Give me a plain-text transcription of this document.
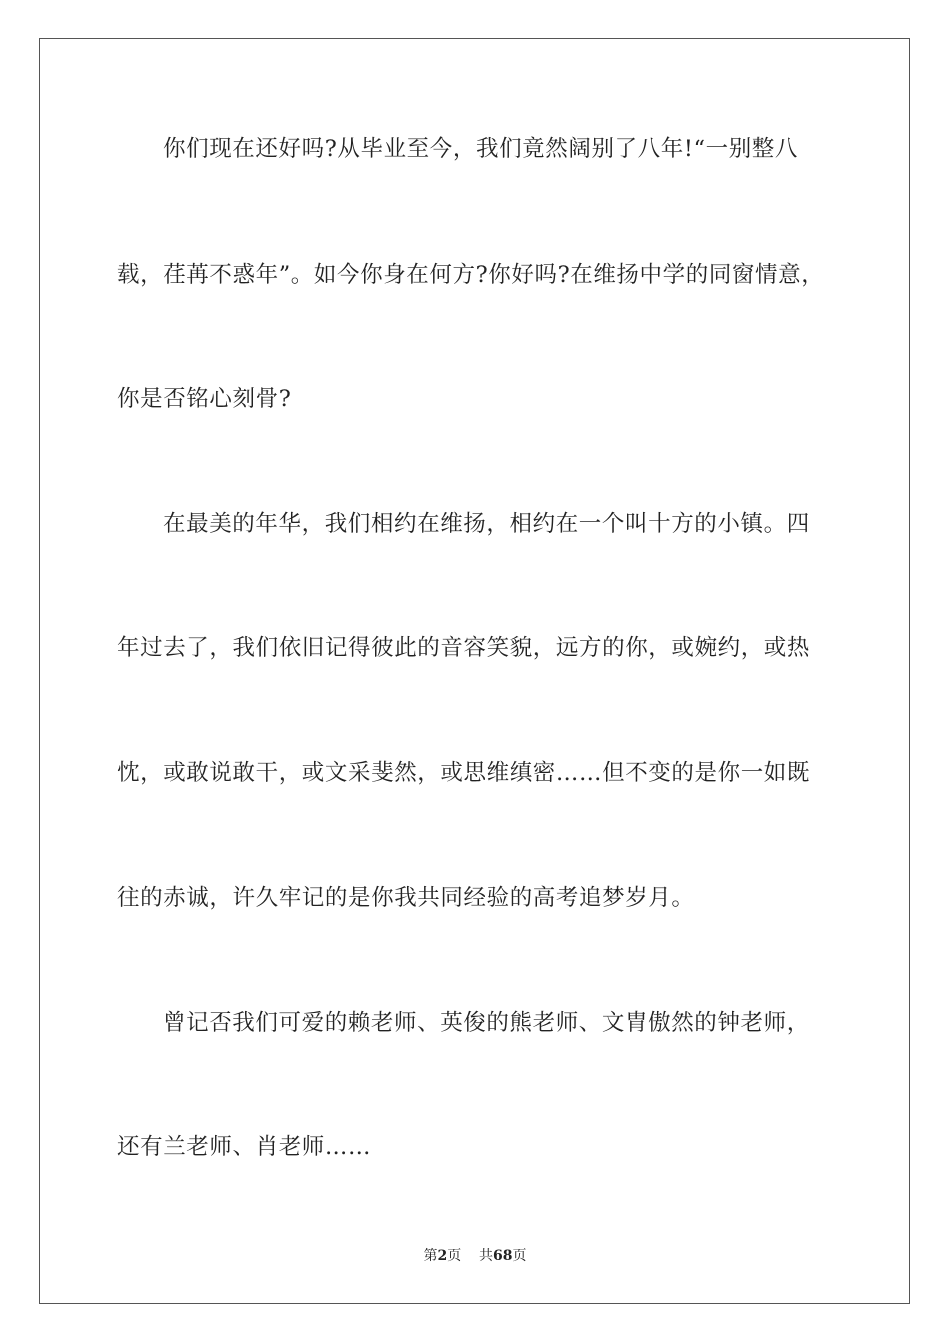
你们现在还好吗?从毕业至今，我们竟然阔别了八年!“一别整八
载，荏苒不惑年”。如今你身在何方?你好吗?在维扬中学的同窗情意，
你是否铭心刻骨?
在最美的年华，我们相约在维扬，相约在一个叫十方的小镇。四
年过去了，我们依旧记得彼此的音容笑貌，远方的你，或婉约，或热
忱，或敢说敢干，或文采斐然，或思维缜密……但不变的是你一如既
往的赤诚，许久牢记的是你我共同经验的高考追梦岁月。
曾记否我们可爱的赖老师、英俊的熊老师、文胄傲然的钟老师，
还有兰老师、肖老师……
第2页 共68页
